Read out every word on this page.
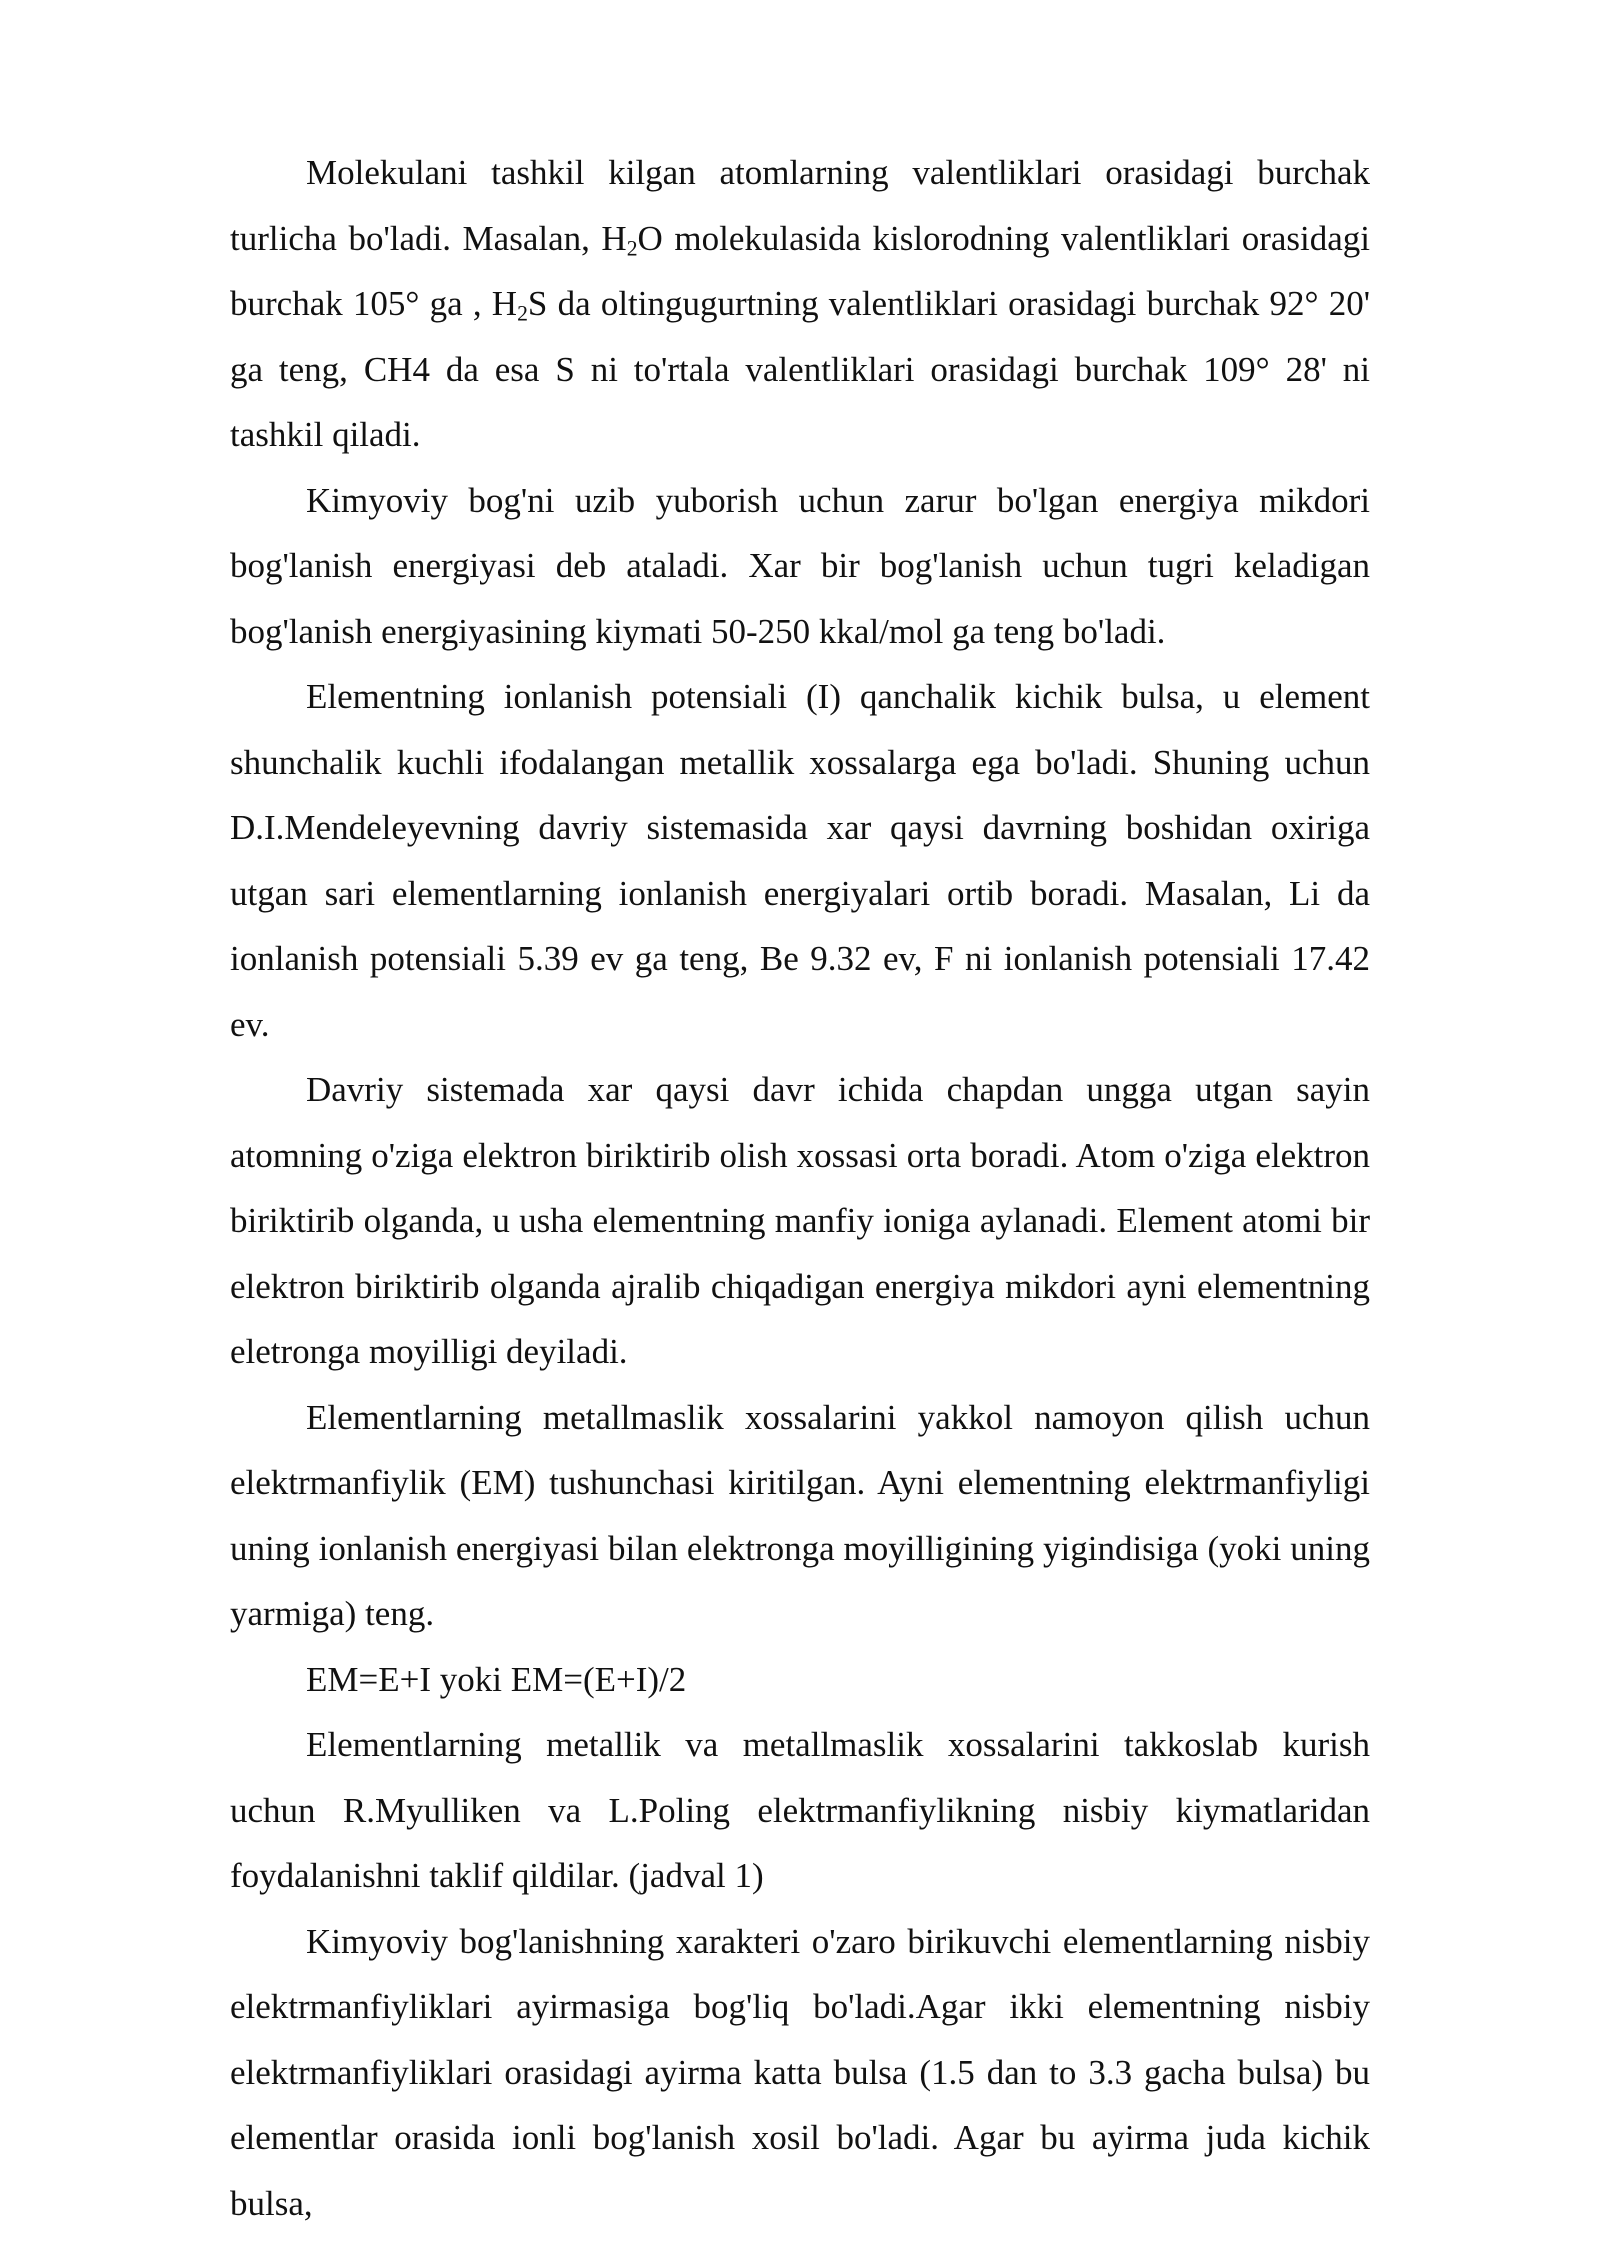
Molekulani tashkil kilgan atomlarning valentliklari orasidagi burchak turlicha bo'ladi. Masalan, $H_2O$ molekulasida kislorodning valentliklari orasidagi burchak 105° ga , $H_2S$ da oltingugurtning valentliklari orasidagi burchak 92° 20' ga teng, CH4 da esa S ni to'rtala valentliklari orasidagi burchak 109° 28' ni tashkil qiladi.

Kimyoviy bog'ni uzib yuborish uchun zarur bo'lgan energiya mikdori bog'lanish energiyasi deb ataladi. Xar bir bog'lanish uchun tugri keladigan bog'lanish energiyasining kiymati 50-250 kkal/mol ga teng bo'ladi.

Elementning ionlanish potensiali (I) qanchalik kichik bulsa, u element shunchalik kuchli ifodalangan metallik xossalarga ega bo'ladi. Shuning uchun D.I.Mendeleyevning davriy sistemasida xar qaysi davrning boshidan oxiriga utgan sari elementlarning ionlanish energiyalari ortib boradi. Masalan, Li da ionlanish potensiali 5.39 ev ga teng, Be 9.32 ev, F ni ionlanish potensiali 17.42 ev.

Davriy sistemada xar qaysi davr ichida chapdan ungga utgan sayin atomning o'ziga elektron biriktirib olish xossasi orta boradi. Atom o'ziga elektron biriktirib olganda, u usha elementning manfiy ioniga aylanadi. Element atomi bir elektron biriktirib olganda ajralib chiqadigan energiya mikdori ayni elementning eletronga moyilligi deyiladi.

Elementlarning metallmaslik xossalarini yakkol namoyon qilish uchun elektrmanfiylik (EM) tushunchasi kiritilgan. Ayni elementning elektrmanfiyligi uning ionlanish energiyasi bilan elektronga moyilligining yigindisiga (yoki uning yarmiga) teng.

EM=E+I yoki EM=(E+I)/2

Elementlarning metallik va metallmaslik xossalarini takkoslab kurish uchun R.Myulliken va L.Poling elektrmanfiylikning nisbiy kiymatlaridan foydalanishni taklif qildilar. (jadval 1)

Kimyoviy bog'lanishning xarakteri o'zaro birikuvchi elementlarning nisbiy elektrmanfiyliklari ayirmasiga bog'liq bo'ladi.Agar ikki elementning nisbiy elektrmanfiyliklari orasidagi ayirma katta bulsa (1.5 dan to 3.3 gacha bulsa) bu elementlar orasida ionli bog'lanish xosil bo'ladi. Agar bu ayirma juda kichik bulsa,
